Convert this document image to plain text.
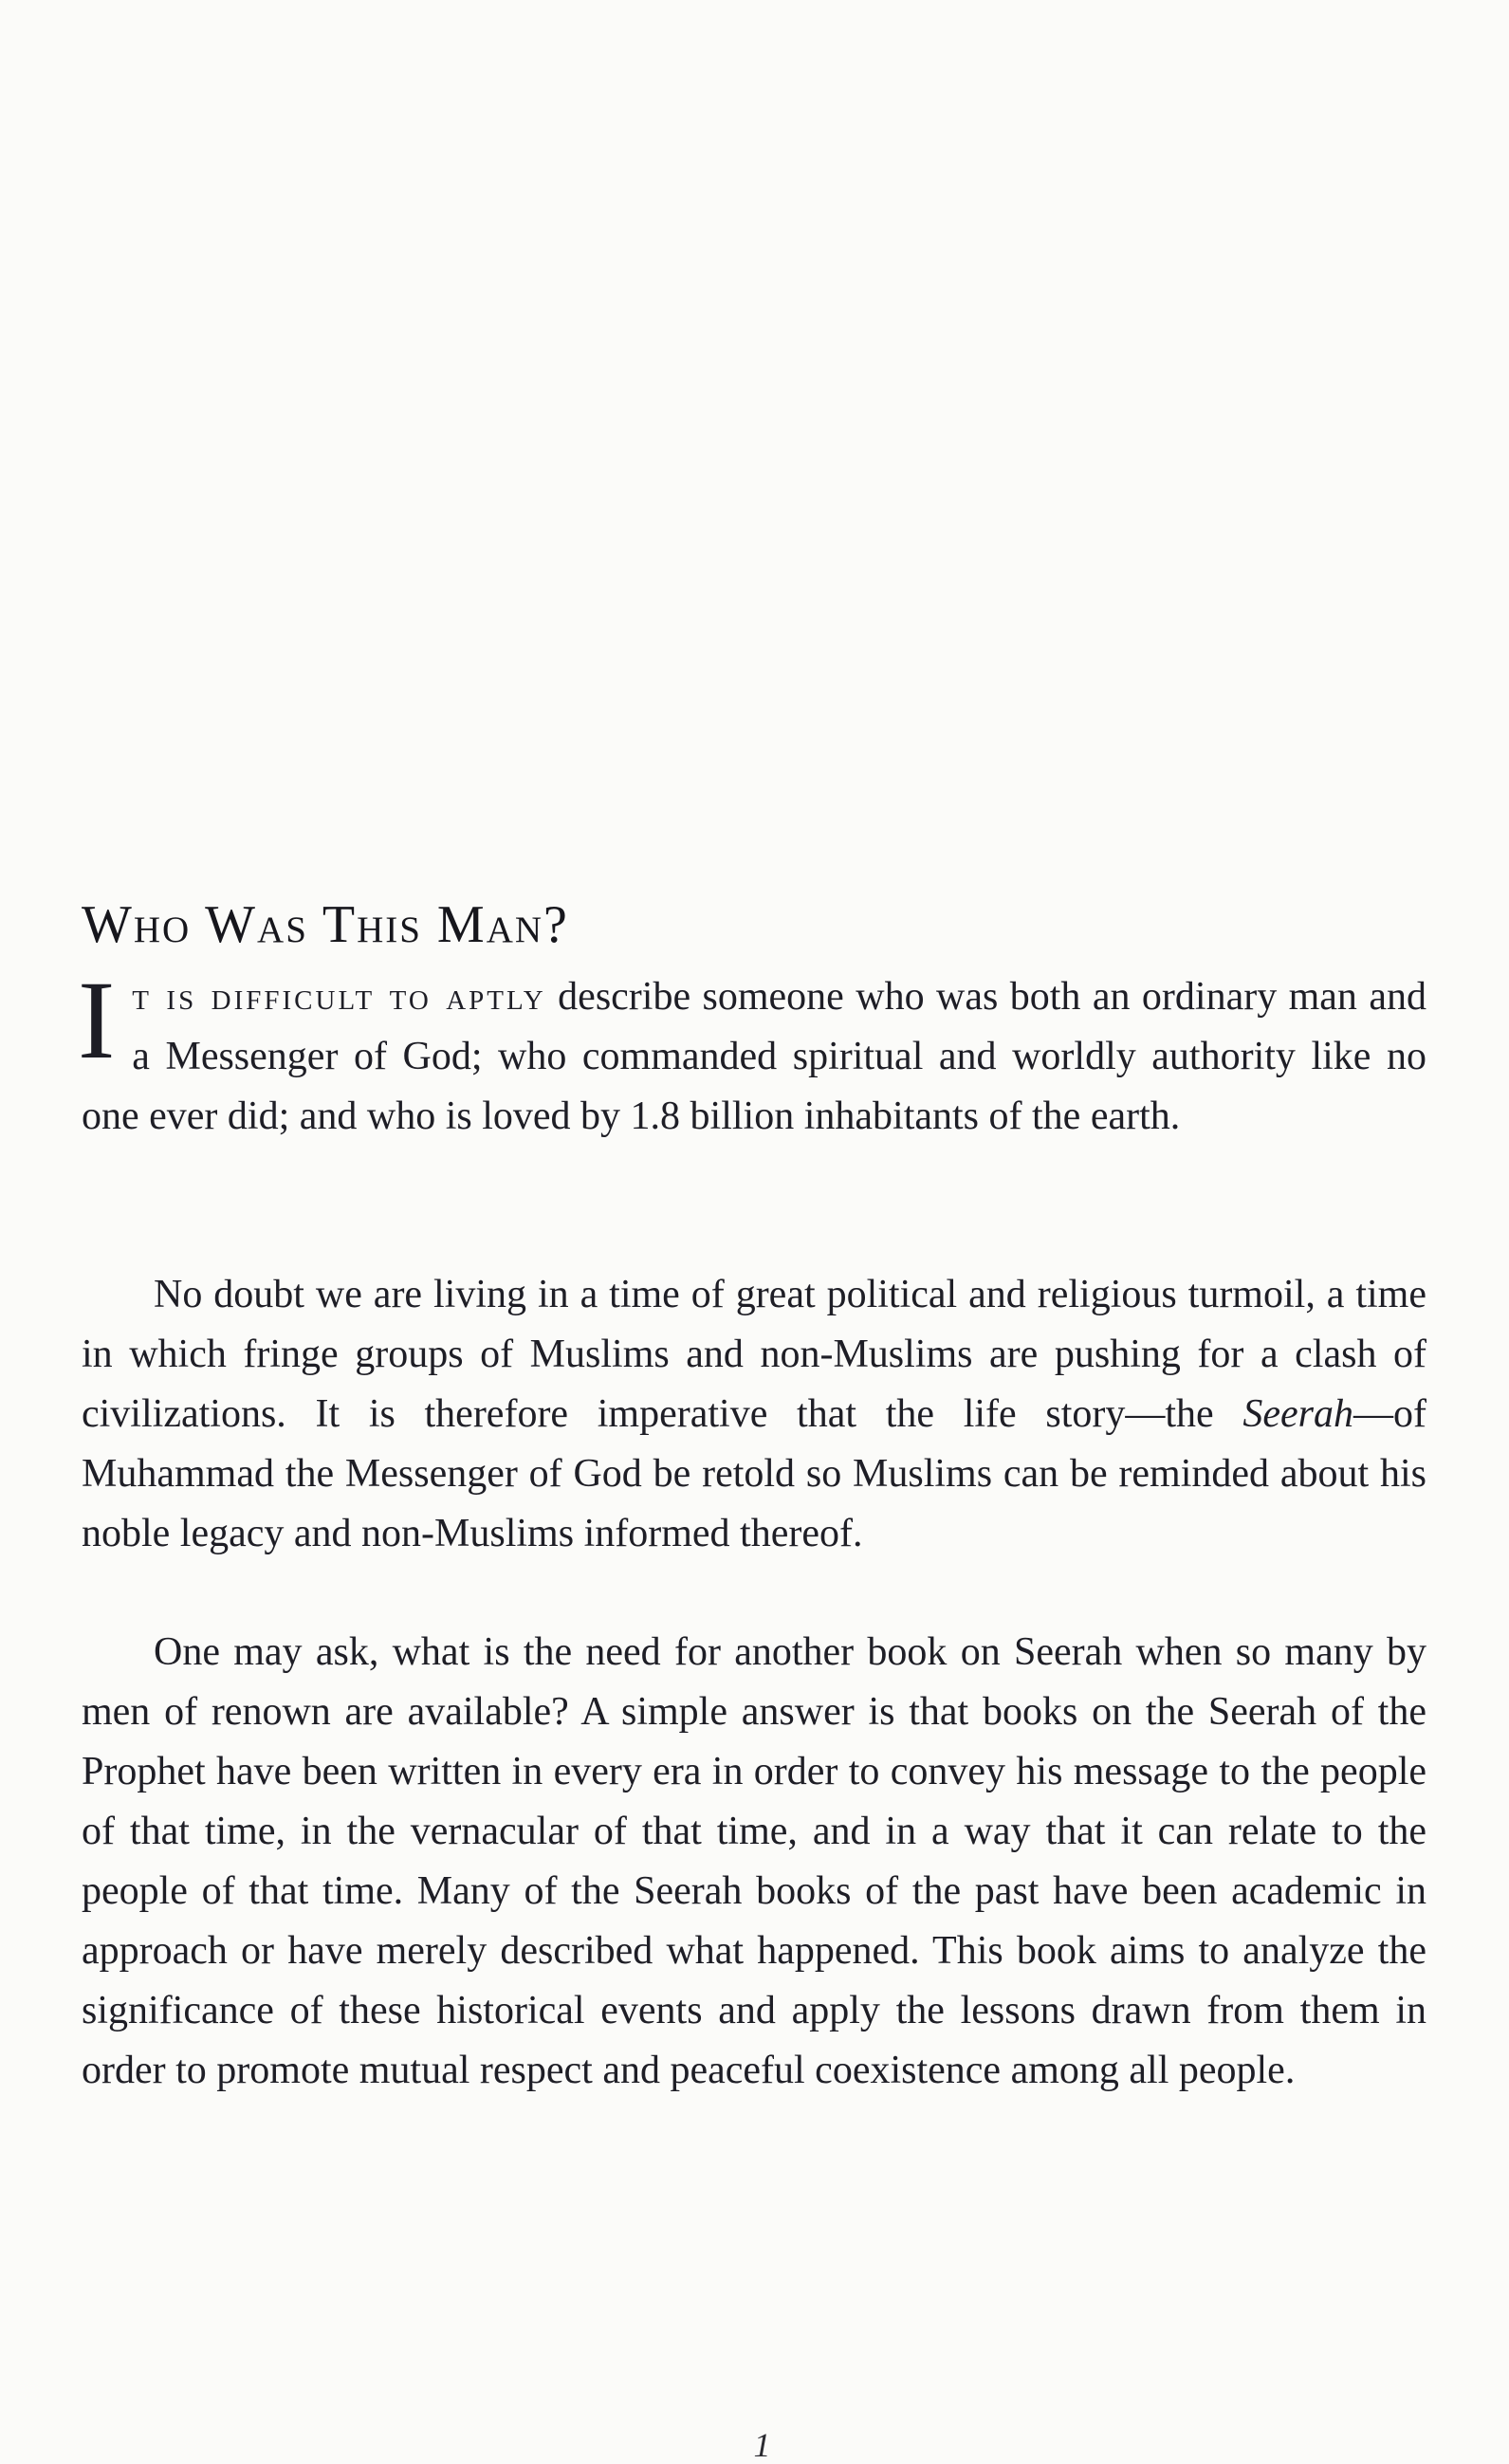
Who Was This Man?

It is difficult to aptly describe someone who was both an ordinary man and a Messenger of God; who commanded spiritual and worldly authority like no one ever did; and who is loved by 1.8 billion inhabitants of the earth.

No doubt we are living in a time of great political and religious turmoil, a time in which fringe groups of Muslims and non-Muslims are pushing for a clash of civilizations. It is therefore imperative that the life story—the Seerah—of Muhammad the Messenger of God be retold so Muslims can be reminded about his noble legacy and non-Muslims informed thereof.

One may ask, what is the need for another book on Seerah when so many by men of renown are available? A simple answer is that books on the Seerah of the Prophet have been written in every era in order to convey his message to the people of that time, in the vernacular of that time, and in a way that it can relate to the people of that time. Many of the Seerah books of the past have been academic in approach or have merely described what happened. This book aims to analyze the significance of these historical events and apply the lessons drawn from them in order to promote mutual respect and peaceful coexistence among all people.

1
